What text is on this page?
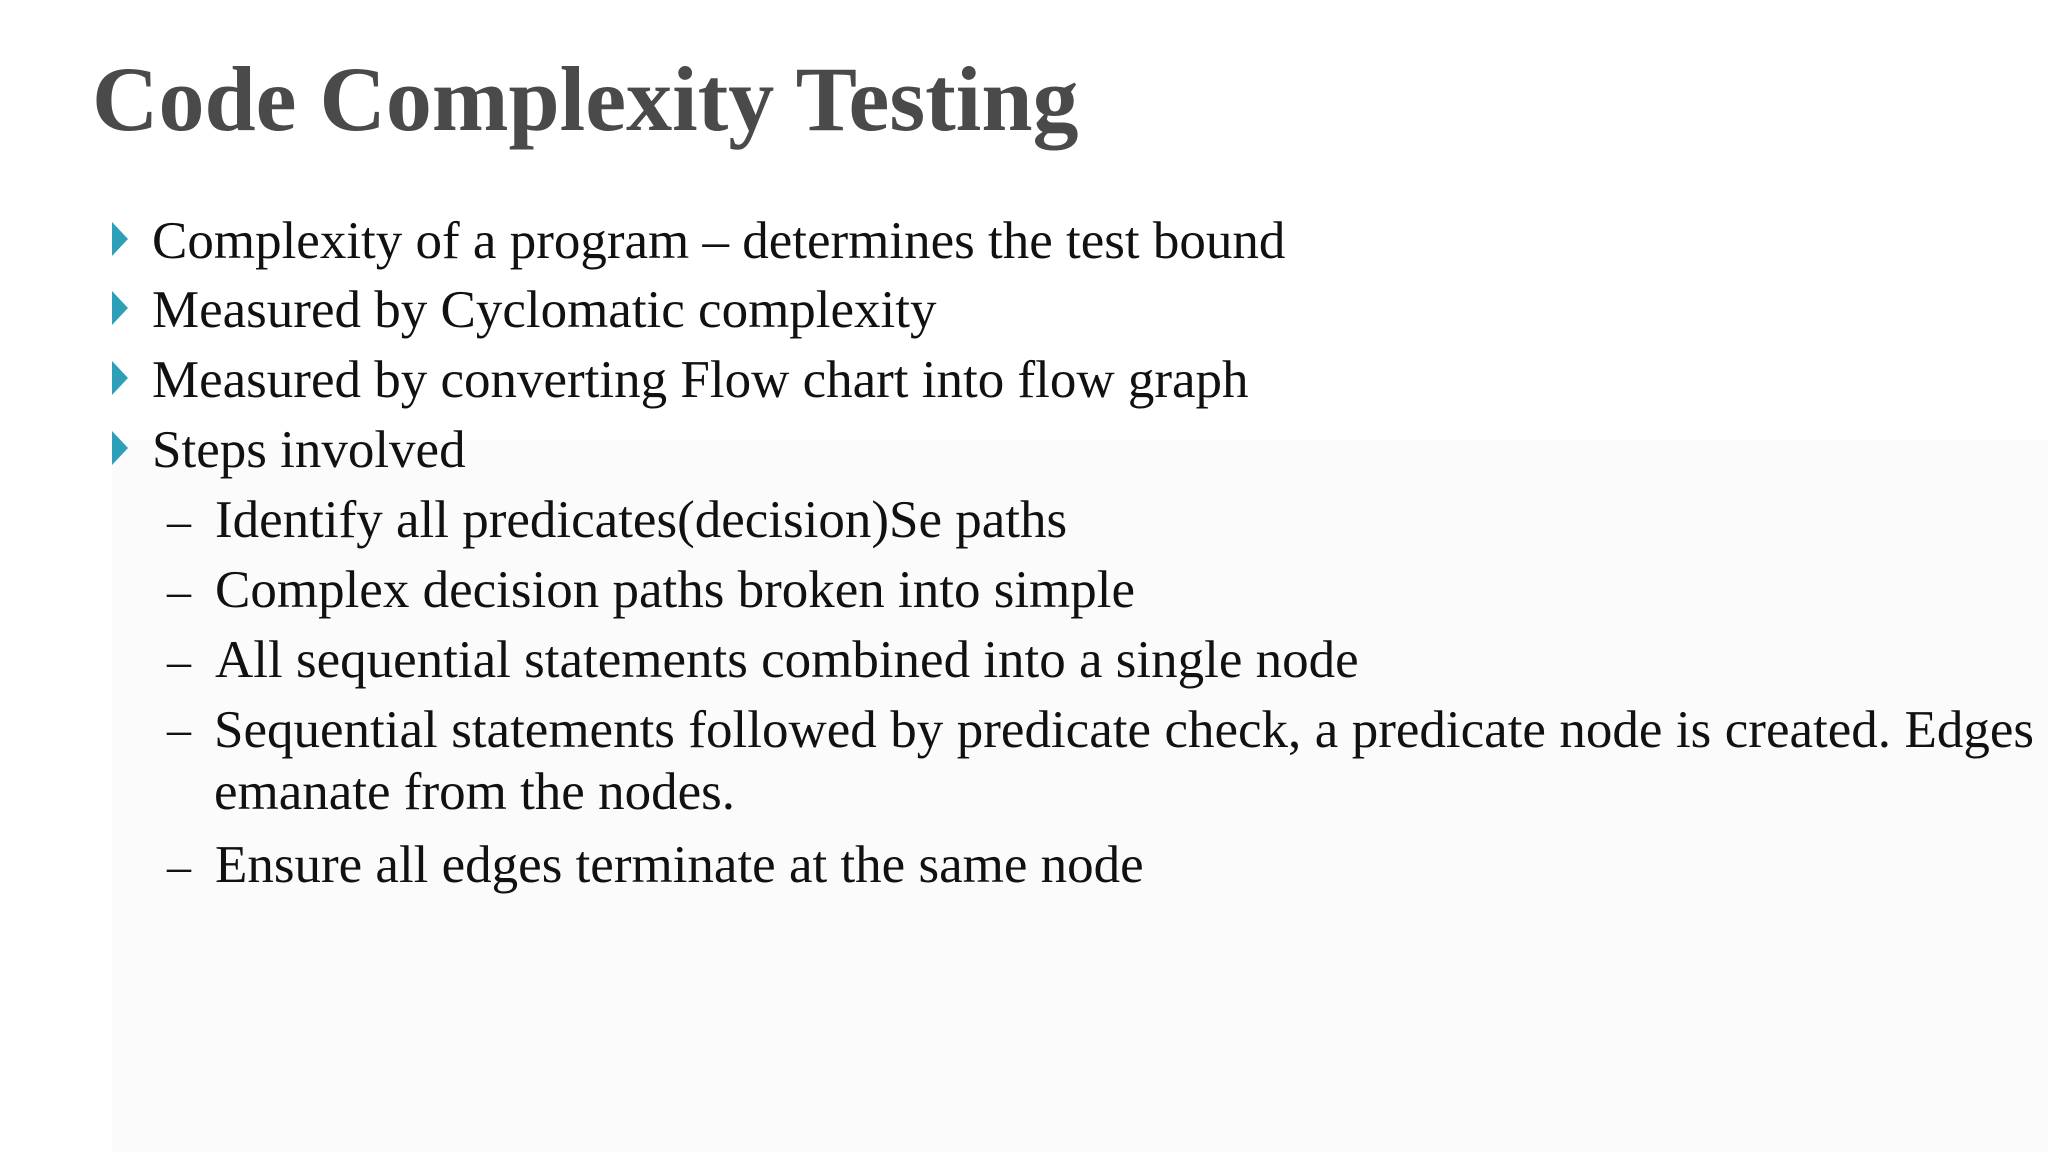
Code Complexity Testing
Complexity of a program – determines the test bound
Measured by Cyclomatic complexity
Measured by converting Flow chart into flow graph
Steps involved
– Identify all predicates(decision)Se paths
– Complex decision paths broken into simple
– All sequential statements combined into a single node
– Sequential statements followed by predicate check, a predicate node is created. Edges emanate from the nodes.
– Ensure all edges terminate at the same node
